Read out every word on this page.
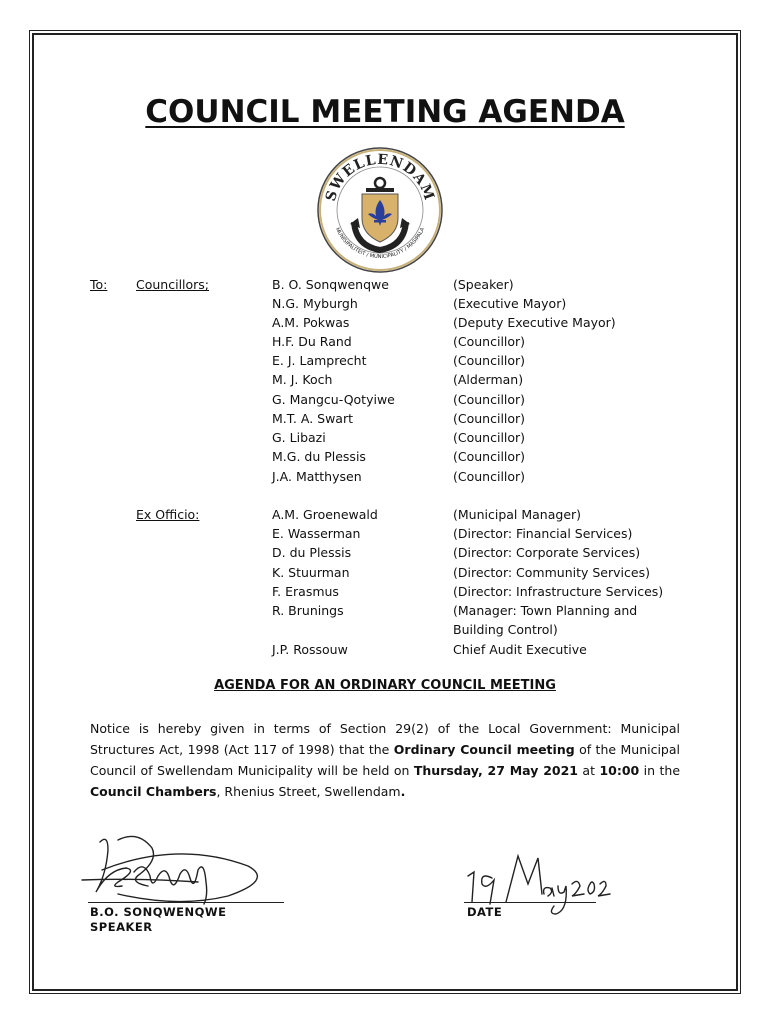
COUNCIL MEETING AGENDA
SWELLENDAM
MUNISIPALITEIT / MUNICIPALITY / MASIPALA
To: Councillors;	B. O. Sonqwenqwe	(Speaker)
N.G. Myburgh	(Executive Mayor)
A.M. Pokwas	(Deputy Executive Mayor)
H.F. Du Rand	(Councillor)
E. J. Lamprecht	(Councillor)
M. J. Koch	(Alderman)
G. Mangcu-Qotyiwe	(Councillor)
M.T. A. Swart	(Councillor)
G. Libazi	(Councillor)
M.G. du Plessis	(Councillor)
J.A. Matthysen	(Councillor)
Ex Officio:	A.M. Groenewald	(Municipal Manager)
E. Wasserman	(Director: Financial Services)
D. du Plessis	(Director: Corporate Services)
K. Stuurman	(Director: Community Services)
F. Erasmus	(Director: Infrastructure Services)
R. Brunings	(Manager: Town Planning and
Building Control)
J.P. Rossouw	Chief Audit Executive
AGENDA FOR AN ORDINARY COUNCIL MEETING
Notice is hereby given in terms of Section 29(2) of the Local Government: Municipal Structures Act, 1998 (Act 117 of 1998) that the Ordinary Council meeting of the Municipal Council of Swellendam Municipality will be held on Thursday, 27 May 2021 at 10:00 in the Council Chambers, Rhenius Street, Swellendam.
B.O. SONQWENQWE
SPEAKER
DATE
